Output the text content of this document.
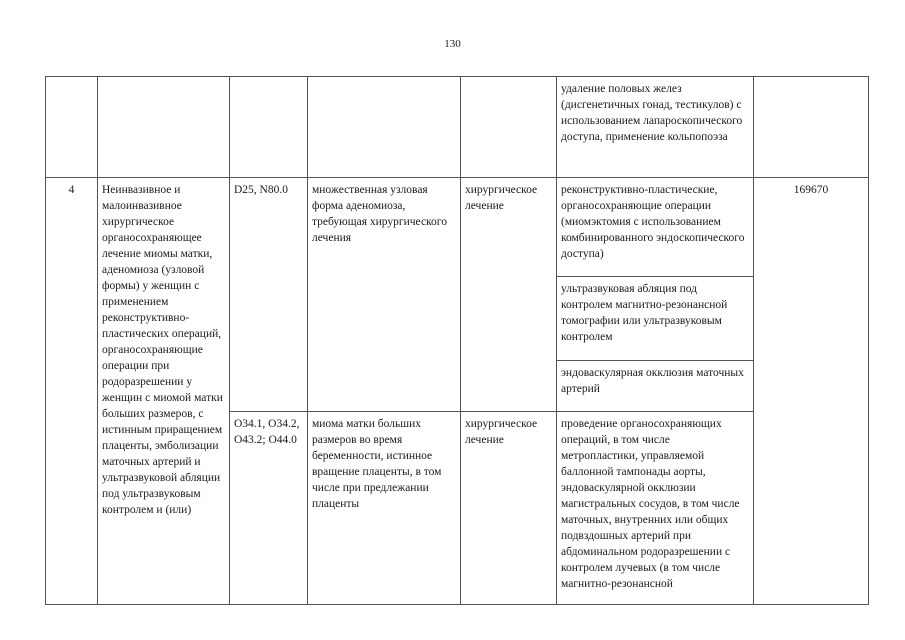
130

					удаление половых желез (дисгенетичных гонад, тестикулов) с использованием лапароскопического доступа, применение кольпопоэза	

4	Неинвазивное и малоинвазивное хирургическое органосохраняющее лечение миомы матки, аденомиоза (узловой формы) у женщин с применением реконструктивно-пластических операций, органосохраняющие операции при родоразрешении у женщин с миомой матки больших размеров, с истинным приращением плаценты, эмболизации маточных артерий и ультразвуковой абляции под ультразвуковым контролем и (или)	D25, N80.0	множественная узловая форма аденомиоза, требующая хирургического лечения	хирургическое лечение	реконструктивно-пластические, органосохраняющие операции (миомэктомия с использованием комбинированного эндоскопического доступа)	169670

					ультразвуковая абляция под контролем магнитно-резонансной томографии или ультразвуковым контролем	

					эндоваскулярная окклюзия маточных артерий	

		O34.1, O34.2, O43.2; O44.0	миома матки больших размеров во время беременности, истинное вращение плаценты, в том числе при предлежании плаценты	хирургическое лечение	проведение органосохраняющих операций, в том числе метропластики, управляемой баллонной тампонады аорты, эндоваскулярной окклюзии магистральных сосудов, в том числе маточных, внутренних или общих подвздошных артерий при абдоминальном родоразрешении с контролем лучевых (в том числе магнитно-резонансной	
